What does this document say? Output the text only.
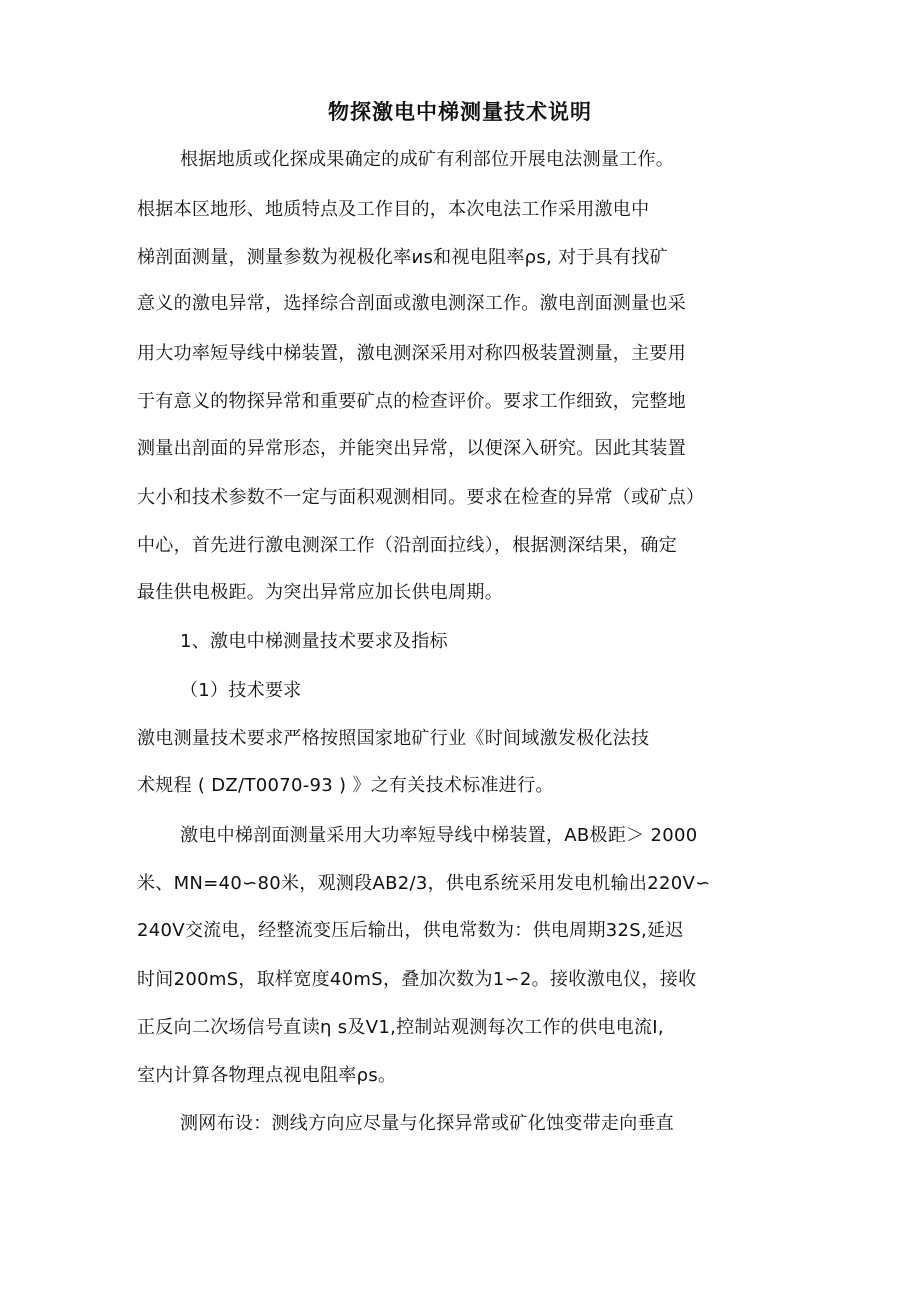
物探激电中梯测量技术说明
根据地质或化探成果确定的成矿有利部位开展电法测量工作。
根据本区地形、地质特点及工作目的，本次电法工作采用激电中
梯剖面测量，测量参数为视极化率ᴎs和视电阻率ρs, 对于具有找矿
意义的激电异常，选择综合剖面或激电测深工作。激电剖面测量也采
用大功率短导线中梯装置，激电测深采用对称四极装置测量，主要用
于有意义的物探异常和重要矿点的检查评价。要求工作细致，完整地
测量出剖面的异常形态，并能突出异常，以便深入研究。因此其装置
大小和技术参数不一定与面积观测相同。要求在检查的异常（或矿点）
中心，首先进行激电测深工作（沿剖面拉线），根据测深结果，确定
最佳供电极距。为突出异常应加长供电周期。
1、激电中梯测量技术要求及指标
（1）技术要求
激电测量技术要求严格按照国家地矿行业《时间域激发极化法技
术规程 ( DZ/T0070-93 ) 》之有关技术标准进行。
激电中梯剖面测量采用大功率短导线中梯装置，AB极距＞ 2000
米、MN=40∽80米，观测段AB2/3，供电系统采用发电机输出220V∽
240V交流电，经整流变压后输出，供电常数为：供电周期32S,延迟
时间200mS，取样宽度40mS，叠加次数为1∽2。接收激电仪，接收
正反向二次场信号直读η s及V1,控制站观测每次工作的供电电流I,
室内计算各物理点视电阻率ρs。
测网布设：测线方向应尽量与化探异常或矿化蚀变带走向垂直
